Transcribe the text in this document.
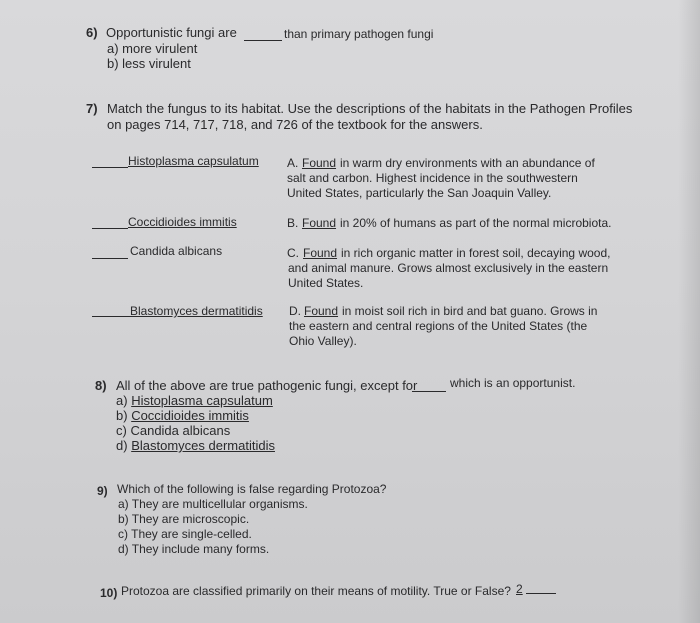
6) Opportunistic fungi are	than primary pathogen fungi
a) more virulent
b) less virulent
7) Match the fungus to its habitat. Use the descriptions of the habitats in the Pathogen Profiles
on pages 714, 717, 718, and 726 of the textbook for the answers.
Histoplasma capsulatum A. Found in warm dry environments with an abundance of
salt and carbon. Highest incidence in the southwestern
United States, particularly the San Joaquin Valley.
Coccidioides immitis	B. Found in 20% of humans as part of the normal microbiota.
Candida albicans	C. Found in rich organic matter in forest soil, decaying wood,
and animal manure. Grows almost exclusively in the eastern
United States.
Blastomyces dermatitidis D. Found in moist soil rich in bird and bat guano. Grows in
the eastern and central regions of the United States (the
Ohio Valley).
8) All of the above are true pathogenic fungi, except for	which is an opportunist.
a) Histoplasma capsulatum
b) Coccidioides immitis
c) Candida albicans
d) Blastomyces dermatitidis
9) Which of the following is false regarding Protozoa?
a) They are multicellular organisms.
b) They are microscopic.
c) They are single-celled.
d) They include many forms.
10) Protozoa are classified primarily on their means of motility. True or False? 2
